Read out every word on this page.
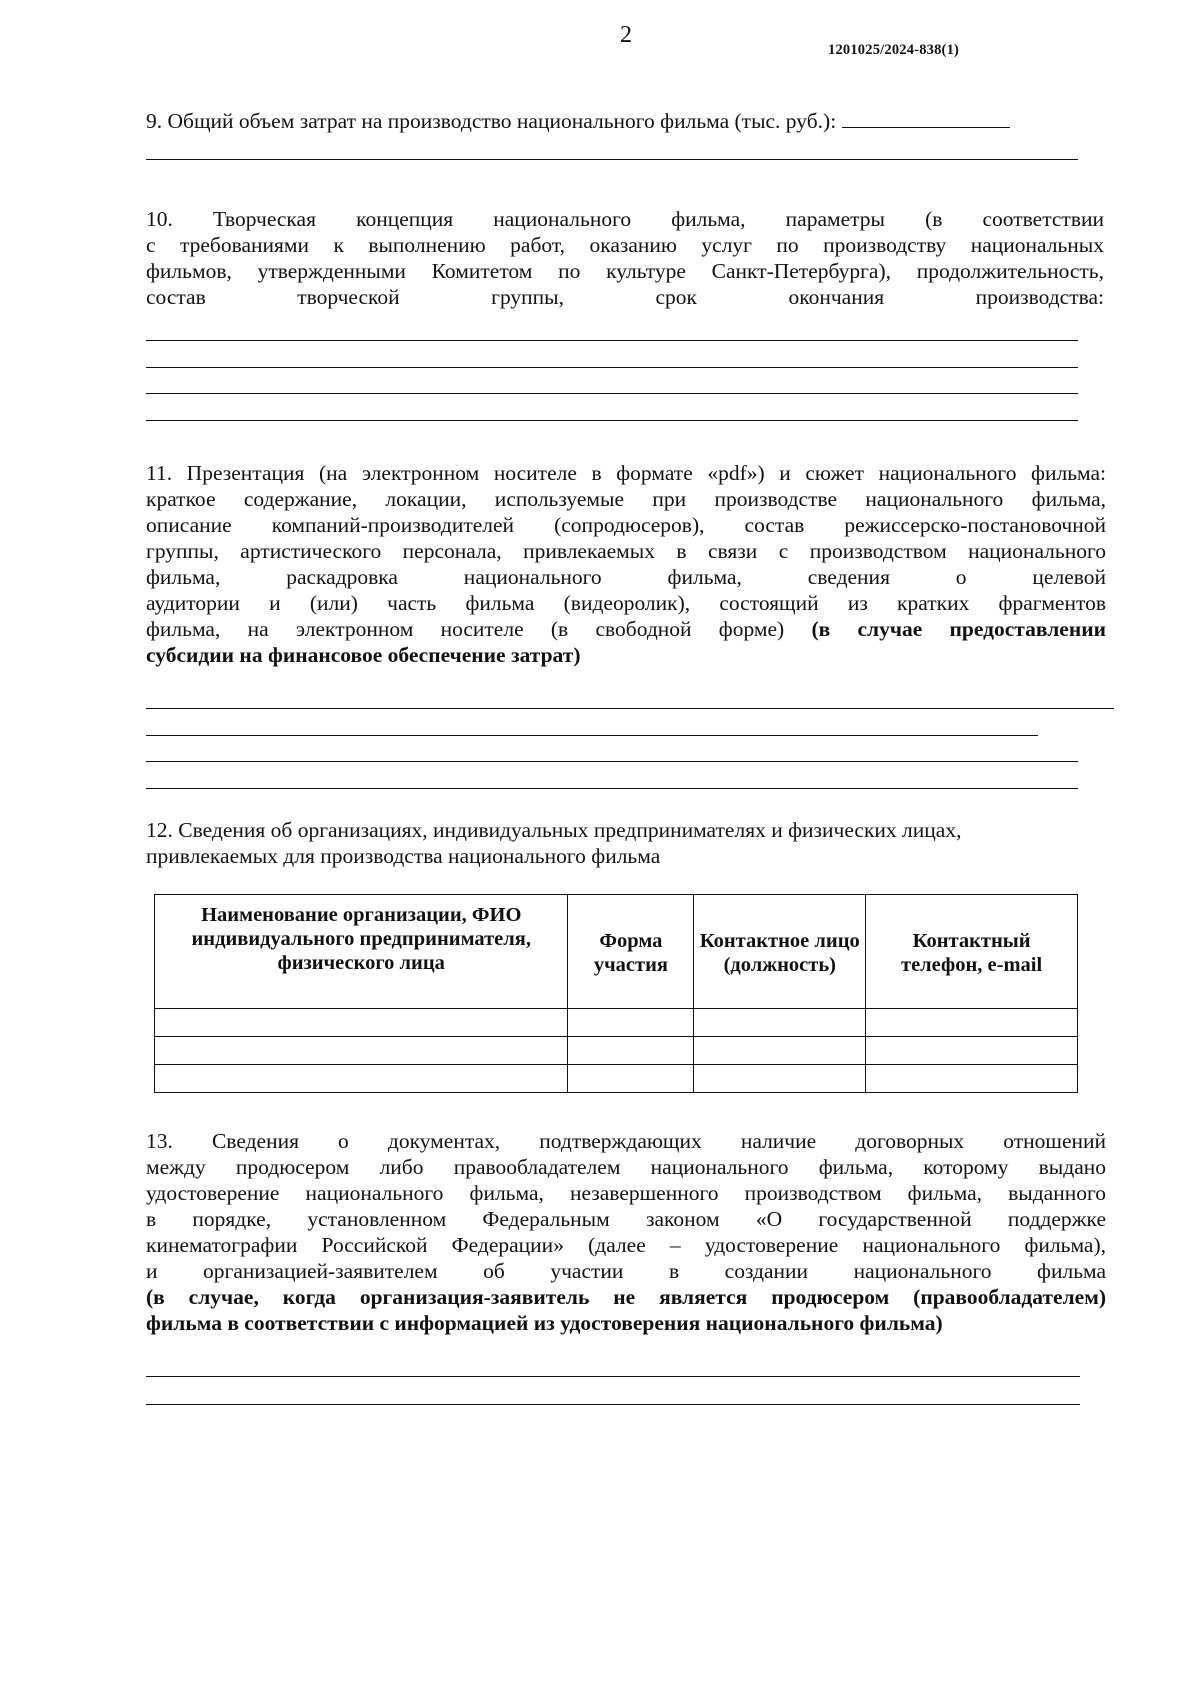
2
1201025/2024-838(1)
9. Общий объем затрат на производство национального фильма (тыс. руб.):

10. Творческая концепция национального фильма, параметры (в соответствии

с требованиями к выполнению работ, оказанию услуг по производству национальных

фильмов, утвержденными Комитетом по культуре Санкт-Петербурга), продолжительность,

состав творческой группы, срок окончания производства:

11. Презентация (на электронном носителе в формате «pdf») и сюжет национального фильма:

краткое содержание, локации, используемые при производстве национального фильма,

описание компаний-производителей (сопродюсеров), состав режиссерско-постановочной

группы, артистического персонала, привлекаемых в связи с производством национального

фильма, раскадровка национального фильма, сведения о целевой

аудитории и (или) часть фильма (видеоролик), состоящий из кратких фрагментов

фильма, на электронном носителе (в свободной форме) (в случае предоставлении

субсидии на финансовое обеспечение затрат)

12. Сведения об организациях, индивидуальных предпринимателях и физических лицах,

привлекаемых для производства национального фильма

Наименование организации, ФИО индивидуального предпринимателя, физического лица	Форма участия	Контактное лицо (должность)	Контактный телефон, e-mail

13. Сведения о документах, подтверждающих наличие договорных отношений

между продюсером либо правообладателем национального фильма, которому выдано

удостоверение национального фильма, незавершенного производством фильма, выданного

в порядке, установленном Федеральным законом «О государственной поддержке

кинематографии Российской Федерации» (далее – удостоверение национального фильма),

и организацией-заявителем об участии в создании национального фильма

(в случае, когда организация-заявитель не является продюсером (правообладателем)

фильма в соответствии с информацией из удостоверения национального фильма)
